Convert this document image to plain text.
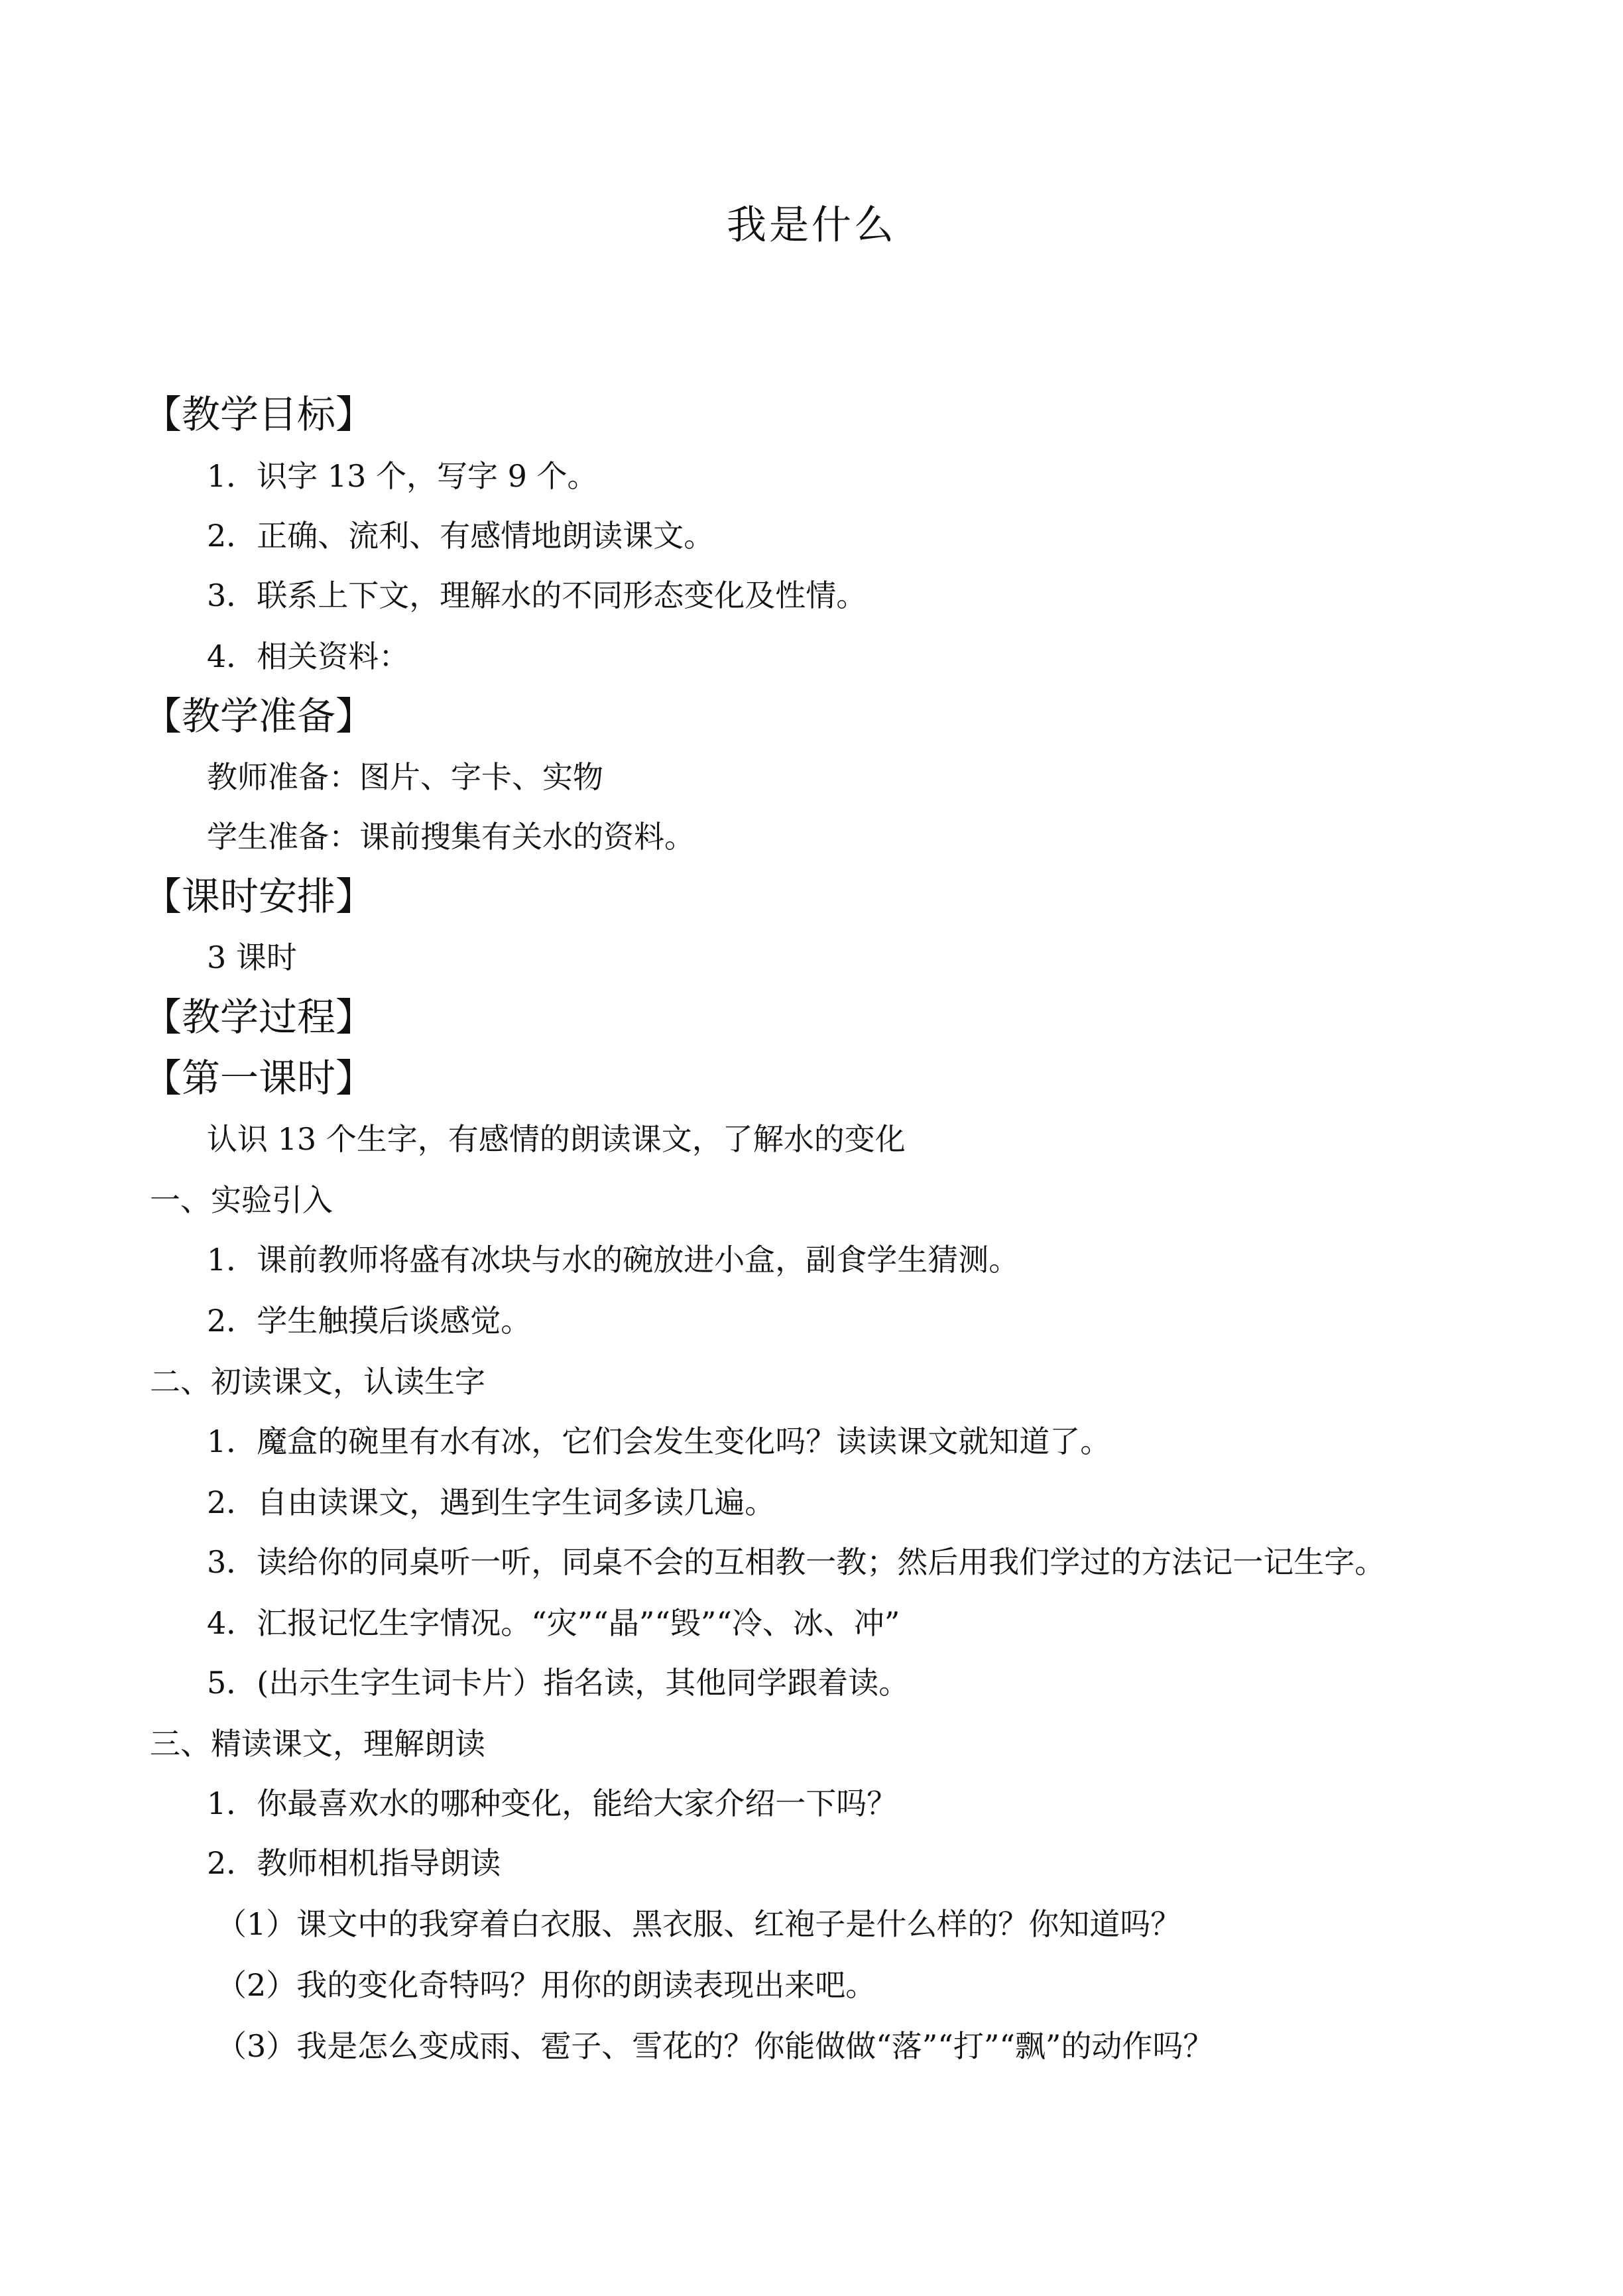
我是什么
【教学目标】
1．识字 13 个，写字 9 个。
2．正确、流利、有感情地朗读课文。
3．联系上下文，理解水的不同形态变化及性情。
4．相关资料：
【教学准备】
教师准备：图片、字卡、实物
学生准备：课前搜集有关水的资料。
【课时安排】
3 课时
【教学过程】
【第一课时】
认识 13 个生字，有感情的朗读课文，了解水的变化
一、实验引入
1．课前教师将盛有冰块与水的碗放进小盒，副食学生猜测。
2．学生触摸后谈感觉。
二、初读课文，认读生字
1．魔盒的碗里有水有冰，它们会发生变化吗？读读课文就知道了。
2．自由读课文，遇到生字生词多读几遍。
3．读给你的同桌听一听，同桌不会的互相教一教；然后用我们学过的方法记一记生字。
4．汇报记忆生字情况。“灾”“晶”“毁”“冷、冰、冲”
5．(出示生字生词卡片）指名读，其他同学跟着读。
三、精读课文，理解朗读
1．你最喜欢水的哪种变化，能给大家介绍一下吗？
2．教师相机指导朗读
（1）课文中的我穿着白衣服、黑衣服、红袍子是什么样的？你知道吗？
（2）我的变化奇特吗？用你的朗读表现出来吧。
（3）我是怎么变成雨、雹子、雪花的？你能做做“落”“打”“飘”的动作吗？
